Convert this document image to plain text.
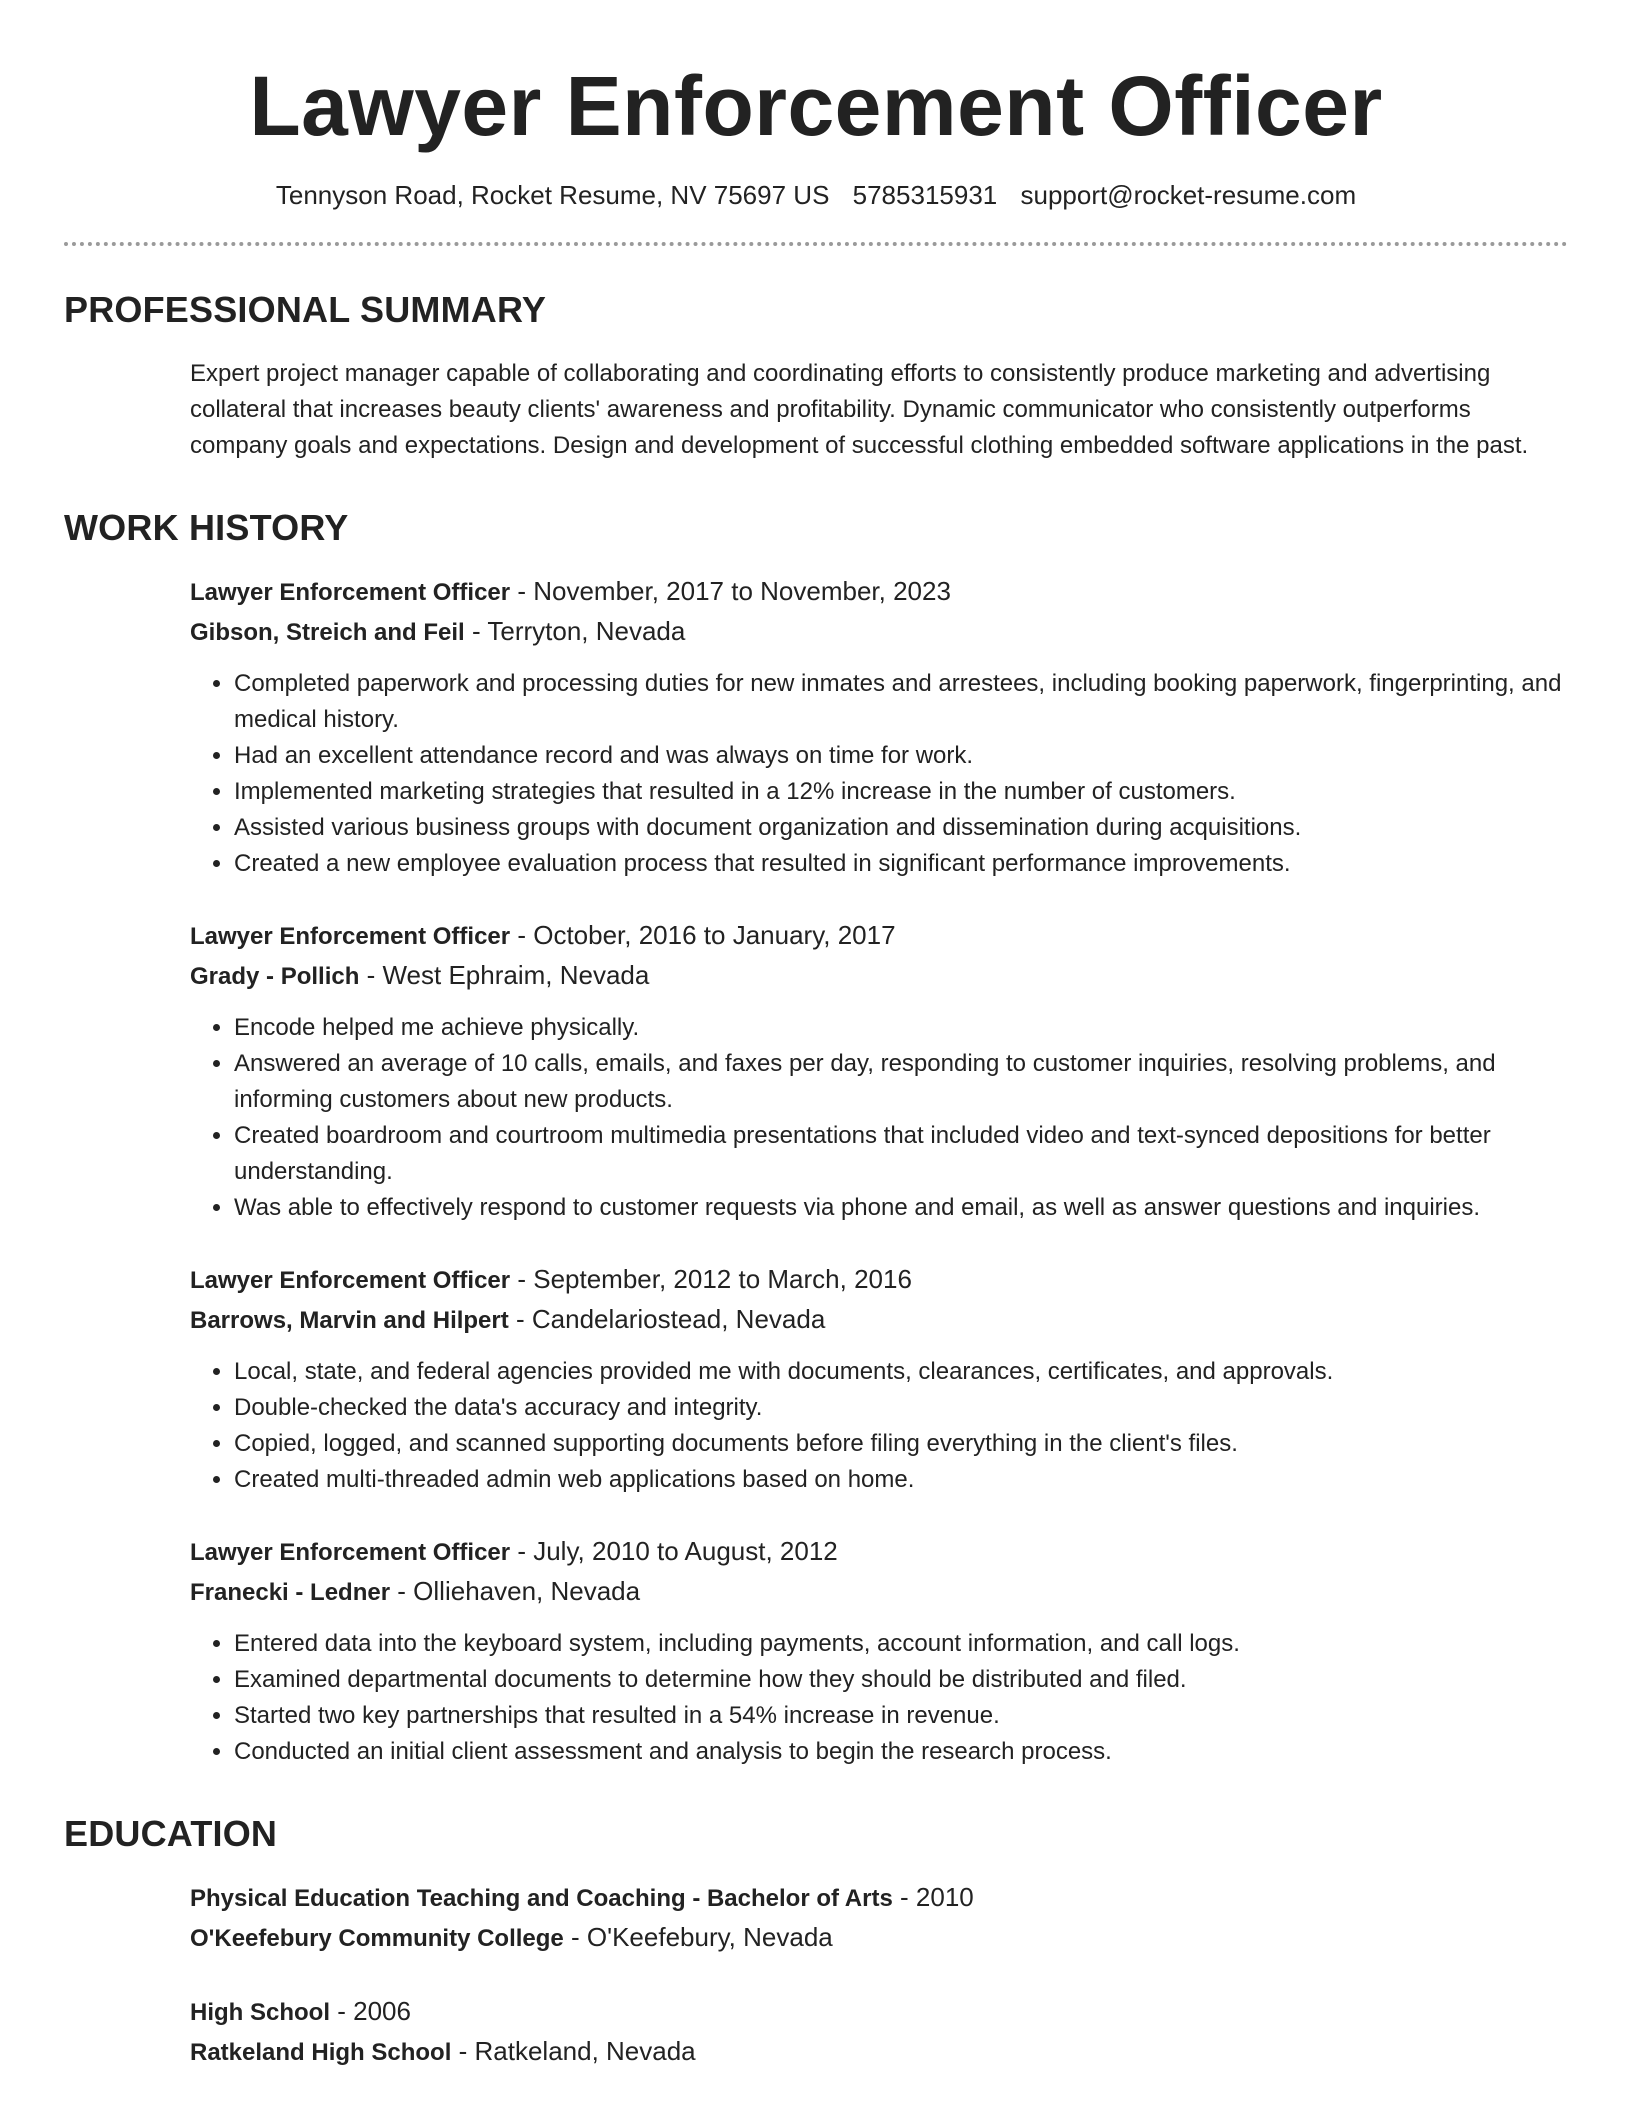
Lawyer Enforcement Officer
Tennyson Road, Rocket Resume, NV 75697 US 5785315931 support@rocket-resume.com
PROFESSIONAL SUMMARY
Expert project manager capable of collaborating and coordinating efforts to consistently produce marketing and advertising collateral that increases beauty clients' awareness and profitability. Dynamic communicator who consistently outperforms company goals and expectations. Design and development of successful clothing embedded software applications in the past.
WORK HISTORY
Lawyer Enforcement Officer - November, 2017 to November, 2023
Gibson, Streich and Feil - Terryton, Nevada
• Completed paperwork and processing duties for new inmates and arrestees, including booking paperwork, fingerprinting, and medical history.
• Had an excellent attendance record and was always on time for work.
• Implemented marketing strategies that resulted in a 12% increase in the number of customers.
• Assisted various business groups with document organization and dissemination during acquisitions.
• Created a new employee evaluation process that resulted in significant performance improvements.
Lawyer Enforcement Officer - October, 2016 to January, 2017
Grady - Pollich - West Ephraim, Nevada
• Encode helped me achieve physically.
• Answered an average of 10 calls, emails, and faxes per day, responding to customer inquiries, resolving problems, and informing customers about new products.
• Created boardroom and courtroom multimedia presentations that included video and text-synced depositions for better understanding.
• Was able to effectively respond to customer requests via phone and email, as well as answer questions and inquiries.
Lawyer Enforcement Officer - September, 2012 to March, 2016
Barrows, Marvin and Hilpert - Candelariostead, Nevada
• Local, state, and federal agencies provided me with documents, clearances, certificates, and approvals.
• Double-checked the data's accuracy and integrity.
• Copied, logged, and scanned supporting documents before filing everything in the client's files.
• Created multi-threaded admin web applications based on home.
Lawyer Enforcement Officer - July, 2010 to August, 2012
Franecki - Ledner - Olliehaven, Nevada
• Entered data into the keyboard system, including payments, account information, and call logs.
• Examined departmental documents to determine how they should be distributed and filed.
• Started two key partnerships that resulted in a 54% increase in revenue.
• Conducted an initial client assessment and analysis to begin the research process.
EDUCATION
Physical Education Teaching and Coaching - Bachelor of Arts - 2010
O'Keefebury Community College - O'Keefebury, Nevada
High School - 2006
Ratkeland High School - Ratkeland, Nevada
